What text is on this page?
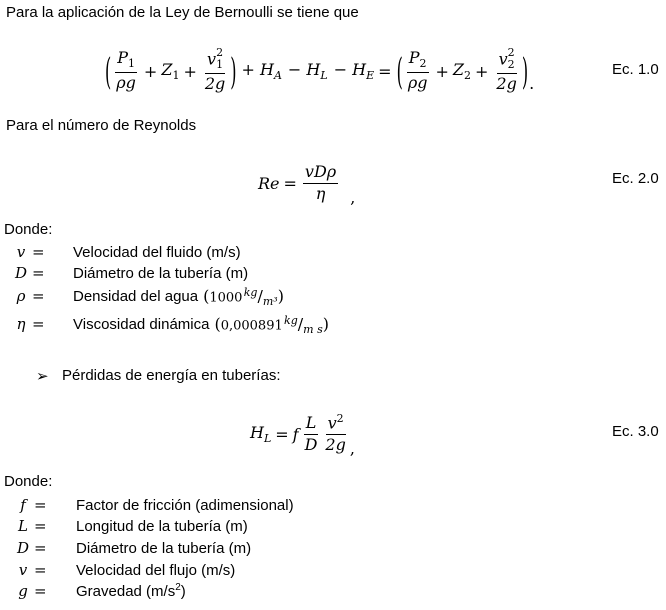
Para la aplicación de la Ley de Bernoulli se tiene que
( $\frac{P_1}{\rho g} + Z_1 + \frac{v^2_1}{2g}$ ) + $H_A - H_L - H_E$ = ( $\frac{P_2}{\rho g} + Z_2 + \frac{v^2_2}{2g}$ ) .
Ec. 1.0
Para el número de Reynolds
$Re = \frac{\text{vDρ}}{\eta}$ ,
Ec. 2.0
Donde:
v =	Velocidad del fluido (m/s)
D =	Diámetro de la tubería (m)
ρ =	Densidad del agua (1000 $^{kg}/_{m^3}$)
η =	Viscosidad dinámica (0,000891 $^{kg}/_{m s}$)
➢ Pérdidas de energía en tuberías:
$H_L = f \frac{L}{D} \frac{v^2}{2g}$ ,
Ec. 3.0
Donde:
f =	Factor de fricción (adimensional)
L =	Longitud de la tubería (m)
D =	Diámetro de la tubería (m)
v =	Velocidad del flujo (m/s)
g =	Gravedad $(m/s^2)$
